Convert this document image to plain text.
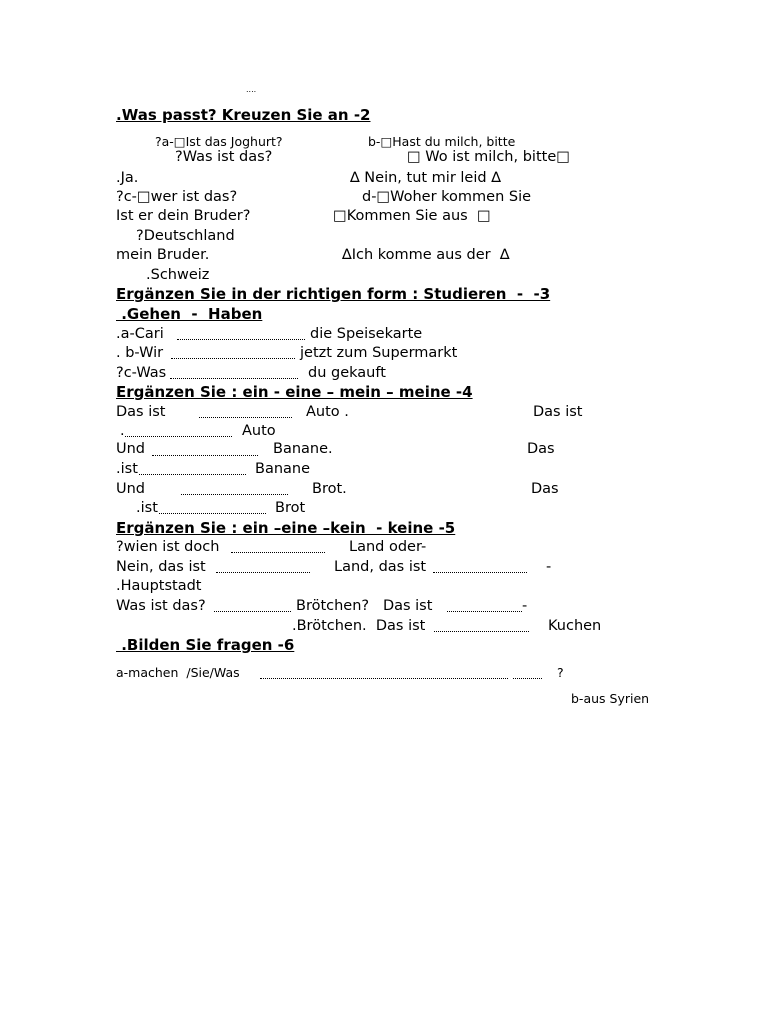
....
.Was passt? Kreuzen Sie an -2
?a-□Ist das Joghurt?	b-□Hast du milch, bitte
?Was ist das?	□ Wo ist milch, bitte□
.Ja.	∆ Nein, tut mir leid ∆
?c-□wer ist das?	d-□Woher kommen Sie
Ist er dein Bruder?	□Kommen Sie aus  □
?Deutschland
mein Bruder.	∆Ich komme aus der  ∆
.Schweiz
Ergänzen Sie in der richtigen form : Studieren  -  -3
.Gehen  -  Haben
.a-Cari	die Speisekarte
. b-Wir	jetzt zum Supermarkt
?c-Was	du gekauft
Ergänzen Sie : ein - eine – mein – meine -4
Das ist	Auto .	Das ist
.	Auto
Und	Banane.	Das
.ist	Banane
Und	Brot.	Das
.ist	Brot
Ergänzen Sie : ein –eine –kein  - keine -5
?wien ist doch	Land oder-
Nein, das ist	Land, das ist	-
.Hauptstadt
Was ist das?	Brötchen?   Das ist	-
.Brötchen.  Das ist	Kuchen
.Bilden Sie fragen -6
a-machen  /Sie/Was	?
b-aus Syrien
